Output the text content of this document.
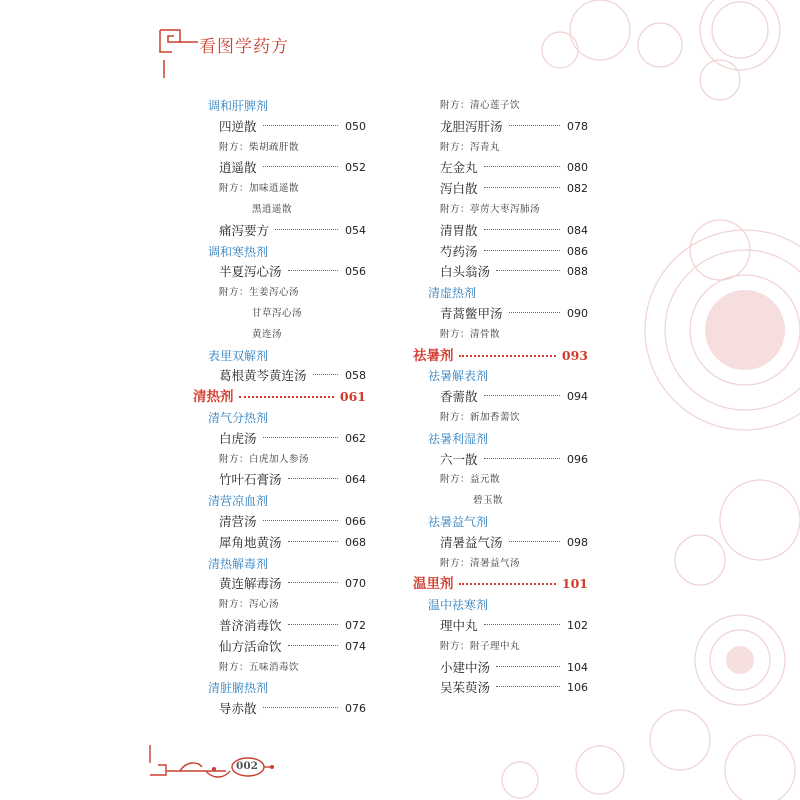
看图学药方
调和肝脾剂
四逆散	050
附方：柴胡疏肝散
逍遥散	052
附方：加味逍遥散
黑逍遥散
痛泻要方	054
调和寒热剂
半夏泻心汤	056
附方：生姜泻心汤
甘草泻心汤
黄连汤
表里双解剂
葛根黄芩黄连汤	058
清热剂	061
清气分热剂
白虎汤	062
附方：白虎加人参汤
竹叶石膏汤	064
清营凉血剂
清营汤	066
犀角地黄汤	068
清热解毒剂
黄连解毒汤	070
附方：泻心汤
普济消毒饮	072
仙方活命饮	074
附方：五味消毒饮
清脏腑热剂
导赤散	076
附方：清心莲子饮
龙胆泻肝汤	078
附方：泻青丸
左金丸	080
泻白散	082
附方：葶苈大枣泻肺汤
清胃散	084
芍药汤	086
白头翁汤	088
清虚热剂
青蒿鳖甲汤	090
附方：清骨散
祛暑剂	093
祛暑解表剂
香薷散	094
附方：新加香薷饮
祛暑利湿剂
六一散	096
附方：益元散
碧玉散
祛暑益气剂
清暑益气汤	098
附方：清暑益气汤
温里剂	101
温中祛寒剂
理中丸	102
附方：附子理中丸
小建中汤	104
吴茱萸汤	106
002
